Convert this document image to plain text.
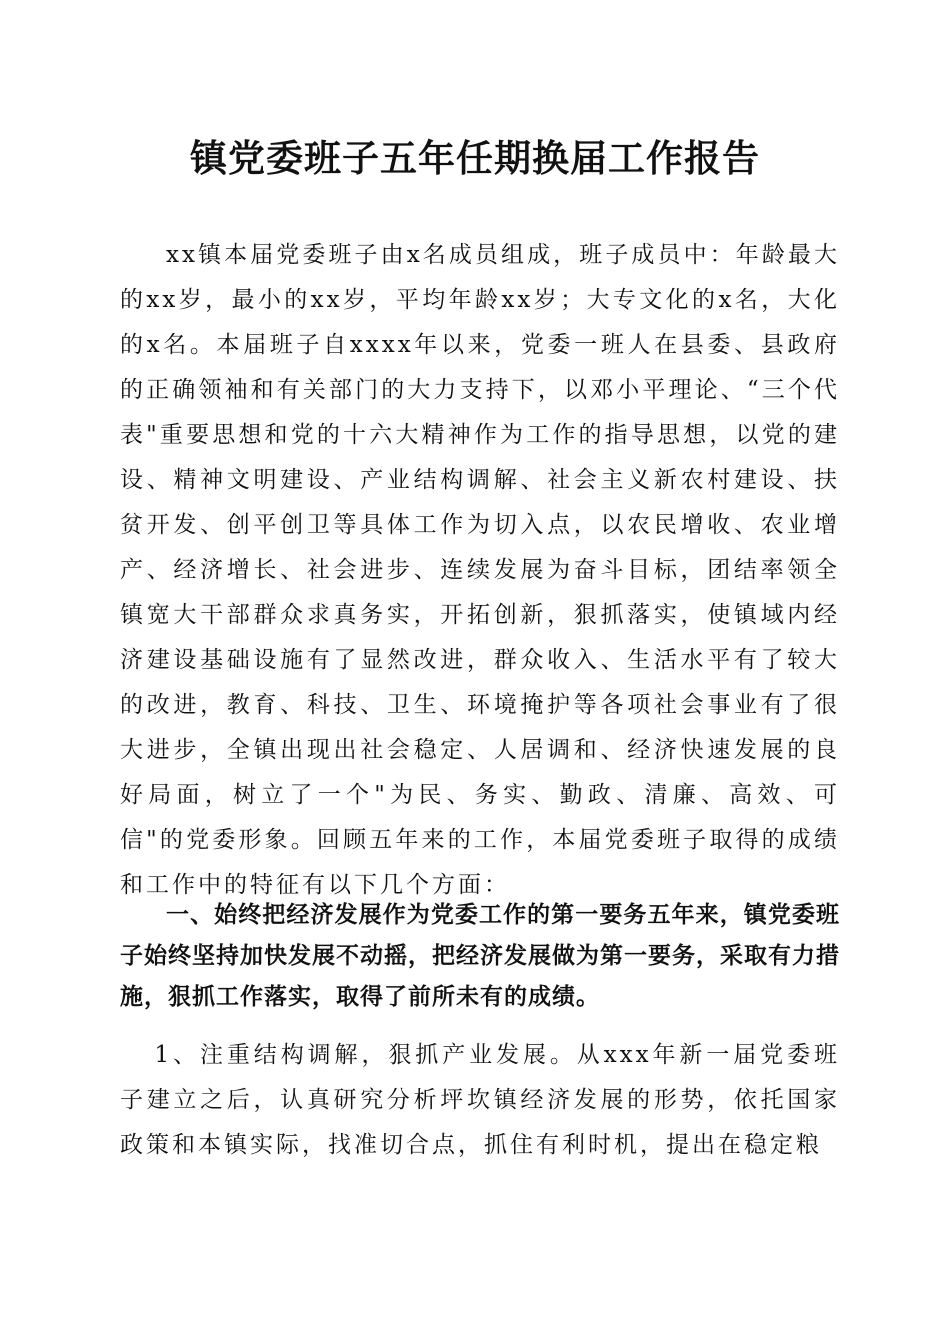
镇党委班子五年任期换届工作报告

xx镇本届党委班子由x名成员组成，班子成员中：年龄最大的xx岁，最小的xx岁，平均年龄xx岁；大专文化的x名，大化的x名。本届班子自xxxx年以来，党委一班人在县委、县政府的正确领袖和有关部门的大力支持下，以邓小平理论、“三个代表"重要思想和党的十六大精神作为工作的指导思想，以党的建设、精神文明建设、产业结构调解、社会主义新农村建设、扶贫开发、创平创卫等具体工作为切入点，以农民增收、农业增产、经济增长、社会进步、连续发展为奋斗目标，团结率领全镇宽大干部群众求真务实，开拓创新，狠抓落实，使镇域内经济建设基础设施有了显然改进，群众收入、生活水平有了较大的改进，教育、科技、卫生、环境掩护等各项社会事业有了很大进步，全镇出现出社会稳定、人居调和、经济快速发展的良好局面，树立了一个"为民、务实、勤政、清廉、高效、可信"的党委形象。回顾五年来的工作，本届党委班子取得的成绩和工作中的特征有以下几个方面：

一、始终把经济发展作为党委工作的第一要务五年来，镇党委班子始终坚持加快发展不动摇，把经济发展做为第一要务，采取有力措施，狠抓工作落实，取得了前所未有的成绩。

1、注重结构调解，狠抓产业发展。从xxx年新一届党委班子建立之后，认真研究分析坪坎镇经济发展的形势，依托国家政策和本镇实际，找准切合点，抓住有利时机，提出在稳定粮
